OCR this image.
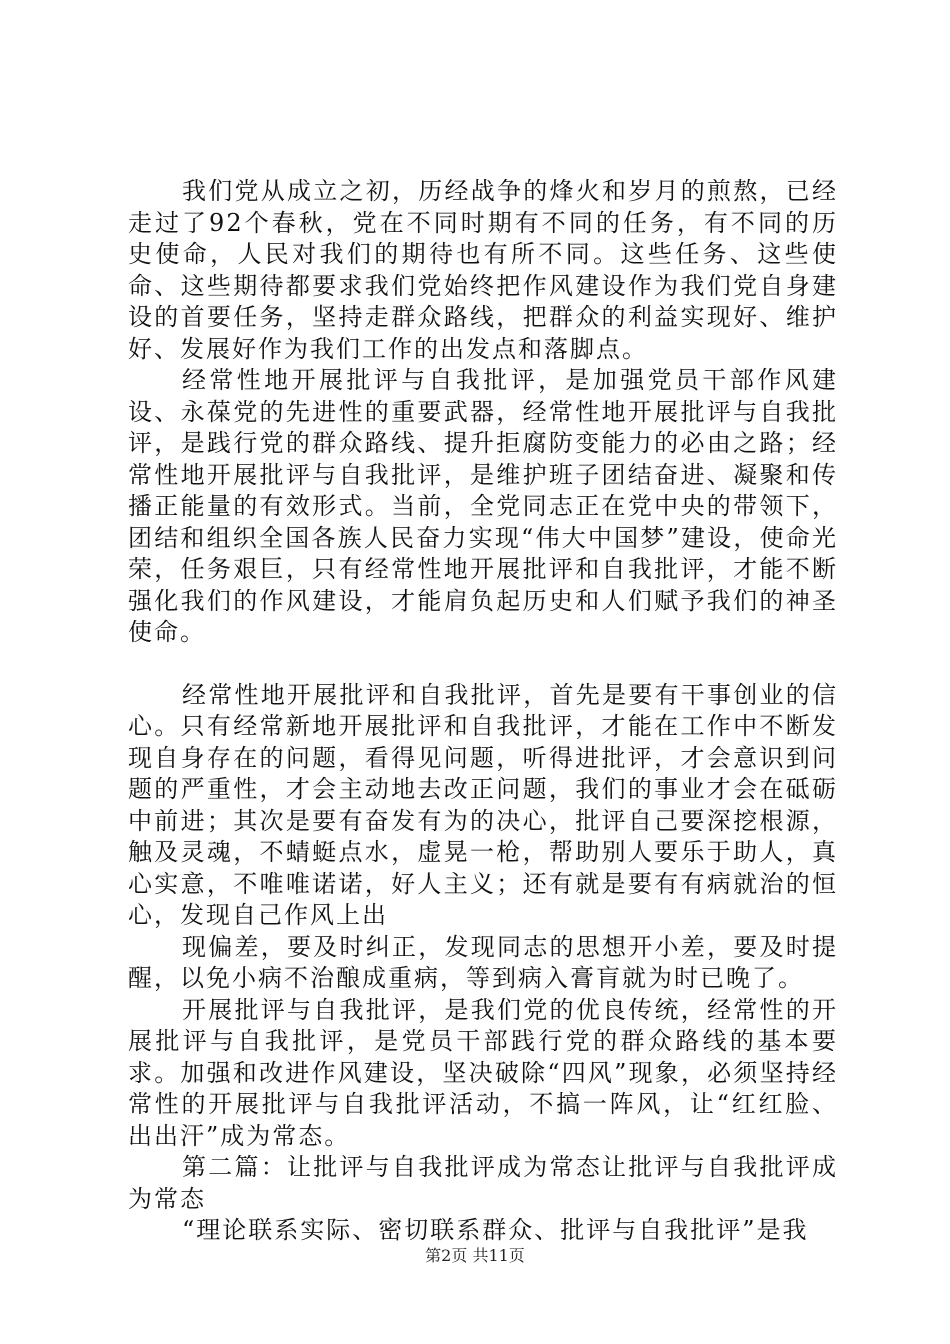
我们党从成立之初，历经战争的烽火和岁月的煎熬，已经走过了92个春秋，党在不同时期有不同的任务，有不同的历史使命，人民对我们的期待也有所不同。这些任务、这些使命、这些期待都要求我们党始终把作风建设作为我们党自身建设的首要任务，坚持走群众路线，把群众的利益实现好、维护好、发展好作为我们工作的出发点和落脚点。

经常性地开展批评与自我批评，是加强党员干部作风建设、永葆党的先进性的重要武器，经常性地开展批评与自我批评，是践行党的群众路线、提升拒腐防变能力的必由之路；经常性地开展批评与自我批评，是维护班子团结奋进、凝聚和传播正能量的有效形式。当前，全党同志正在党中央的带领下，团结和组织全国各族人民奋力实现“伟大中国梦”建设，使命光荣，任务艰巨，只有经常性地开展批评和自我批评，才能不断强化我们的作风建设，才能肩负起历史和人们赋予我们的神圣使命。

经常性地开展批评和自我批评，首先是要有干事创业的信心。只有经常新地开展批评和自我批评，才能在工作中不断发现自身存在的问题，看得见问题，听得进批评，才会意识到问题的严重性，才会主动地去改正问题，我们的事业才会在砥砺中前进；其次是要有奋发有为的决心，批评自己要深挖根源，触及灵魂，不蜻蜓点水，虚晃一枪，帮助别人要乐于助人，真心实意，不唯唯诺诺，好人主义；还有就是要有有病就治的恒心，发现自己作风上出

现偏差，要及时纠正，发现同志的思想开小差，要及时提醒，以免小病不治酿成重病，等到病入膏肓就为时已晚了。

开展批评与自我批评，是我们党的优良传统，经常性的开展批评与自我批评，是党员干部践行党的群众路线的基本要求。加强和改进作风建设，坚决破除“四风”现象，必须坚持经常性的开展批评与自我批评活动，不搞一阵风，让“红红脸、出出汗”成为常态。

第二篇：让批评与自我批评成为常态让批评与自我批评成为常态

“理论联系实际、密切联系群众、批评与自我批评”是我

第2页 共11页
